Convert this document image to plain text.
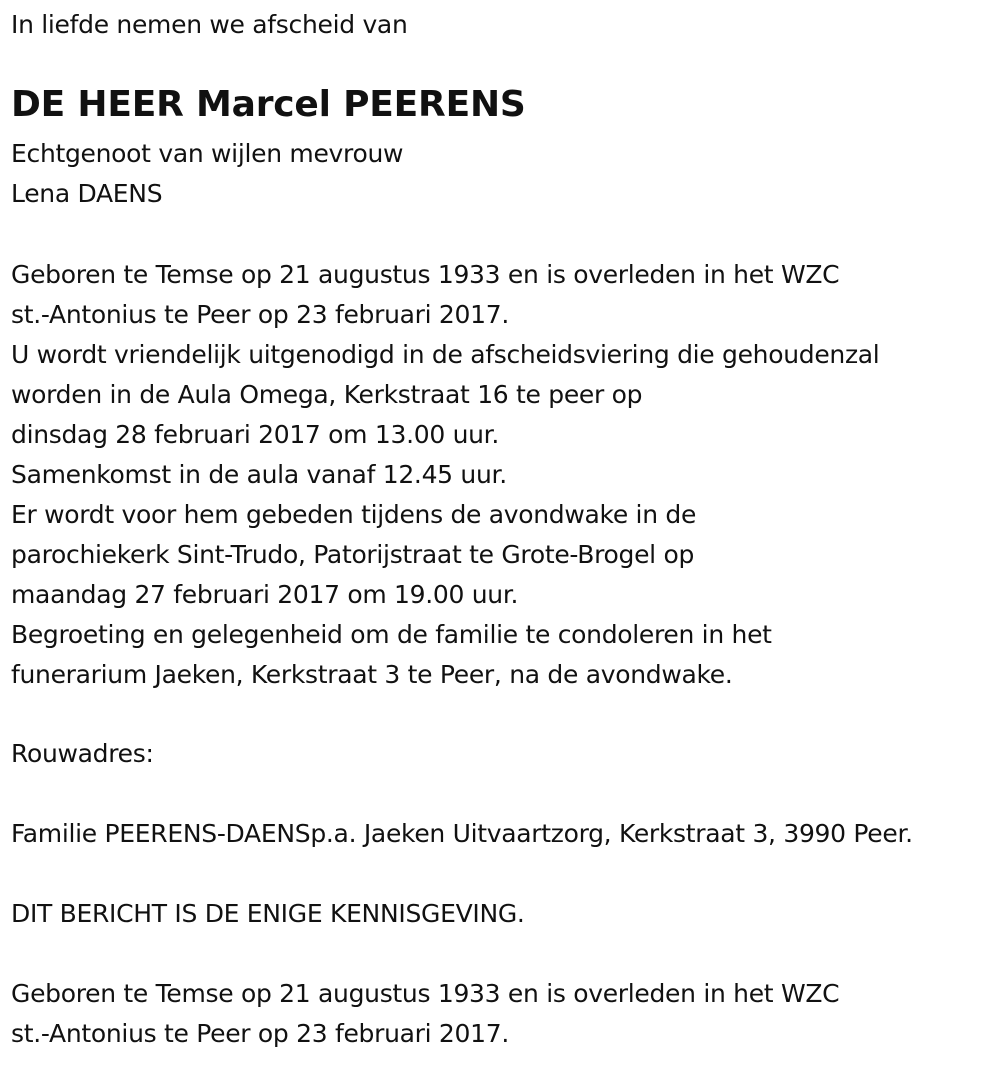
In liefde nemen we afscheid van
DE HEER Marcel PEERENS
Echtgenoot van wijlen mevrouw
Lena DAENS
Geboren te Temse op 21 augustus 1933 en is overleden in het WZC
st.-Antonius te Peer op 23 februari 2017.
U wordt vriendelijk uitgenodigd in de afscheidsviering die gehoudenzal
worden in de Aula Omega, Kerkstraat 16 te peer op
dinsdag 28 februari 2017 om 13.00 uur.
Samenkomst in de aula vanaf 12.45 uur.
Er wordt voor hem gebeden tijdens de avondwake in de
parochiekerk Sint-Trudo, Patorijstraat te Grote-Brogel op
maandag 27 februari 2017 om 19.00 uur.
Begroeting en gelegenheid om de familie te condoleren in het
funerarium Jaeken, Kerkstraat 3 te Peer, na de avondwake.
Rouwadres:
Familie PEERENS-DAENSp.a. Jaeken Uitvaartzorg, Kerkstraat 3, 3990 Peer.
DIT BERICHT IS DE ENIGE KENNISGEVING.
Geboren te Temse op 21 augustus 1933 en is overleden in het WZC
st.-Antonius te Peer op 23 februari 2017.
